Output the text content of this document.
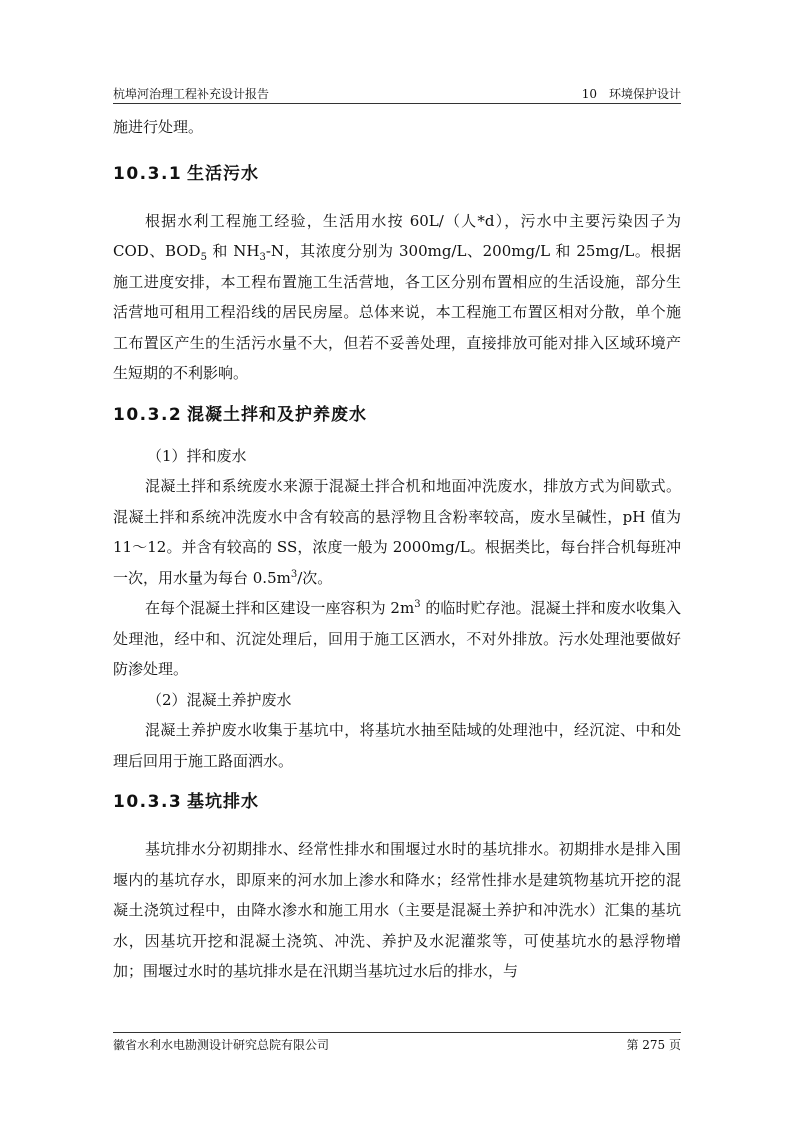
杭埠河治理工程补充设计报告	10　环境保护设计

施进行处理。

10.3.1 生活污水

根据水利工程施工经验，生活用水按 60L/（人*d），污水中主要污染因子为 COD、$BOD_5$ 和 $NH_3-N$，其浓度分别为 300mg/L、200mg/L 和 25mg/L。根据施工进度安排，本工程布置施工生活营地，各工区分别布置相应的生活设施，部分生活营地可租用工程沿线的居民房屋。总体来说，本工程施工布置区相对分散，单个施工布置区产生的生活污水量不大，但若不妥善处理，直接排放可能对排入区域环境产生短期的不利影响。

10.3.2 混凝土拌和及护养废水

（1）拌和废水

混凝土拌和系统废水来源于混凝土拌合机和地面冲洗废水，排放方式为间歇式。混凝土拌和系统冲洗废水中含有较高的悬浮物且含粉率较高，废水呈碱性，pH 值为 11～12。并含有较高的 SS，浓度一般为 2000mg/L。根据类比，每台拌合机每班冲一次，用水量为每台 $0.5m^3/$次。

在每个混凝土拌和区建设一座容积为 $2m^3$ 的临时贮存池。混凝土拌和废水收集入处理池，经中和、沉淀处理后，回用于施工区洒水，不对外排放。污水处理池要做好防渗处理。

（2）混凝土养护废水

混凝土养护废水收集于基坑中，将基坑水抽至陆域的处理池中，经沉淀、中和处理后回用于施工路面洒水。

10.3.3 基坑排水

基坑排水分初期排水、经常性排水和围堰过水时的基坑排水。初期排水是排入围堰内的基坑存水，即原来的河水加上渗水和降水；经常性排水是建筑物基坑开挖的混凝土浇筑过程中，由降水渗水和施工用水（主要是混凝土养护和冲洗水）汇集的基坑水，因基坑开挖和混凝土浇筑、冲洗、养护及水泥灌浆等，可使基坑水的悬浮物增加；围堰过水时的基坑排水是在汛期当基坑过水后的排水，与

徽省水利水电勘测设计研究总院有限公司	第 275 页
